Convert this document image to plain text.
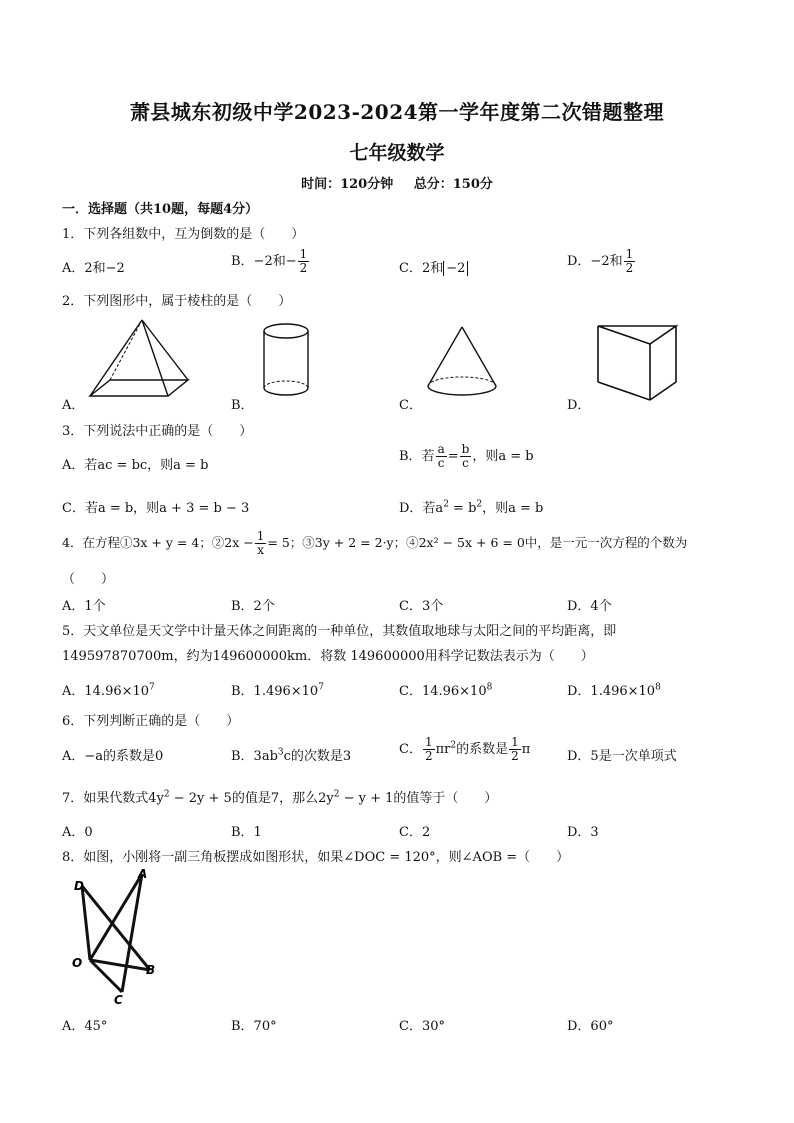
萧县城东初级中学2023-2024第一学年度第二次错题整理
七年级数学
时间：120分钟 总分：150分
一．选择题（共10题，每题4分）
1．下列各组数中，互为倒数的是（　　）
A．2和−2	B．−2和− $\frac{1}{2}$	C．2和 −2	D．−2和 $\frac{1}{2}$
2．下列图形中，属于棱柱的是（　　）
A．	B．	C．	D．
3．下列说法中正确的是（　　）
A．若ac = bc，则a = b
B．若 $\frac{a}{c} = \frac{b}{c}$ ，则a = b
C．若a = b，则a + 3 = b − 3	D．若$a^2 = b^2$，则a = b
4．在方程①3x + y = 4；②2x − $\frac{1}{x} = 5$；③3y + 2 = 2·y；④2x² − 5x + 6 = 0中，是一元一次方程的个数为
（　　）
A．1个	B．2个	C．3个	D．4个
5．天文单位是天文学中计量天体之间距离的一种单位，其数值取地球与太阳之间的平均距离，即
149597870700m，约为149600000km．将数 149600000用科学记数法表示为（　　）
A．$14.96\times 10^7$	B．$1.496\times 10^7$	C．$14.96\times 10^8$	D．$1.496\times 10^8$
6．下列判断正确的是（　　）
A．−a的系数是0	B．$3ab^3c$的次数是3	C． $\frac{1}{2} \pi r^2$的系数是 $\frac{1}{2}$ π	D．5是一次单项式
7．如果代数式$4y^2 - 2y + 5$的值是7，那么$2y^2 - y + 1$的值等于（　　）
A．0	B．1	C．2	D．3
8．如图，小刚将一副三角板摆成如图形状，如果∠DOC = 120°，则∠AOB =（　　）
D
A
O	B
C
A．45°	B．70°	C．30°	D．60°
